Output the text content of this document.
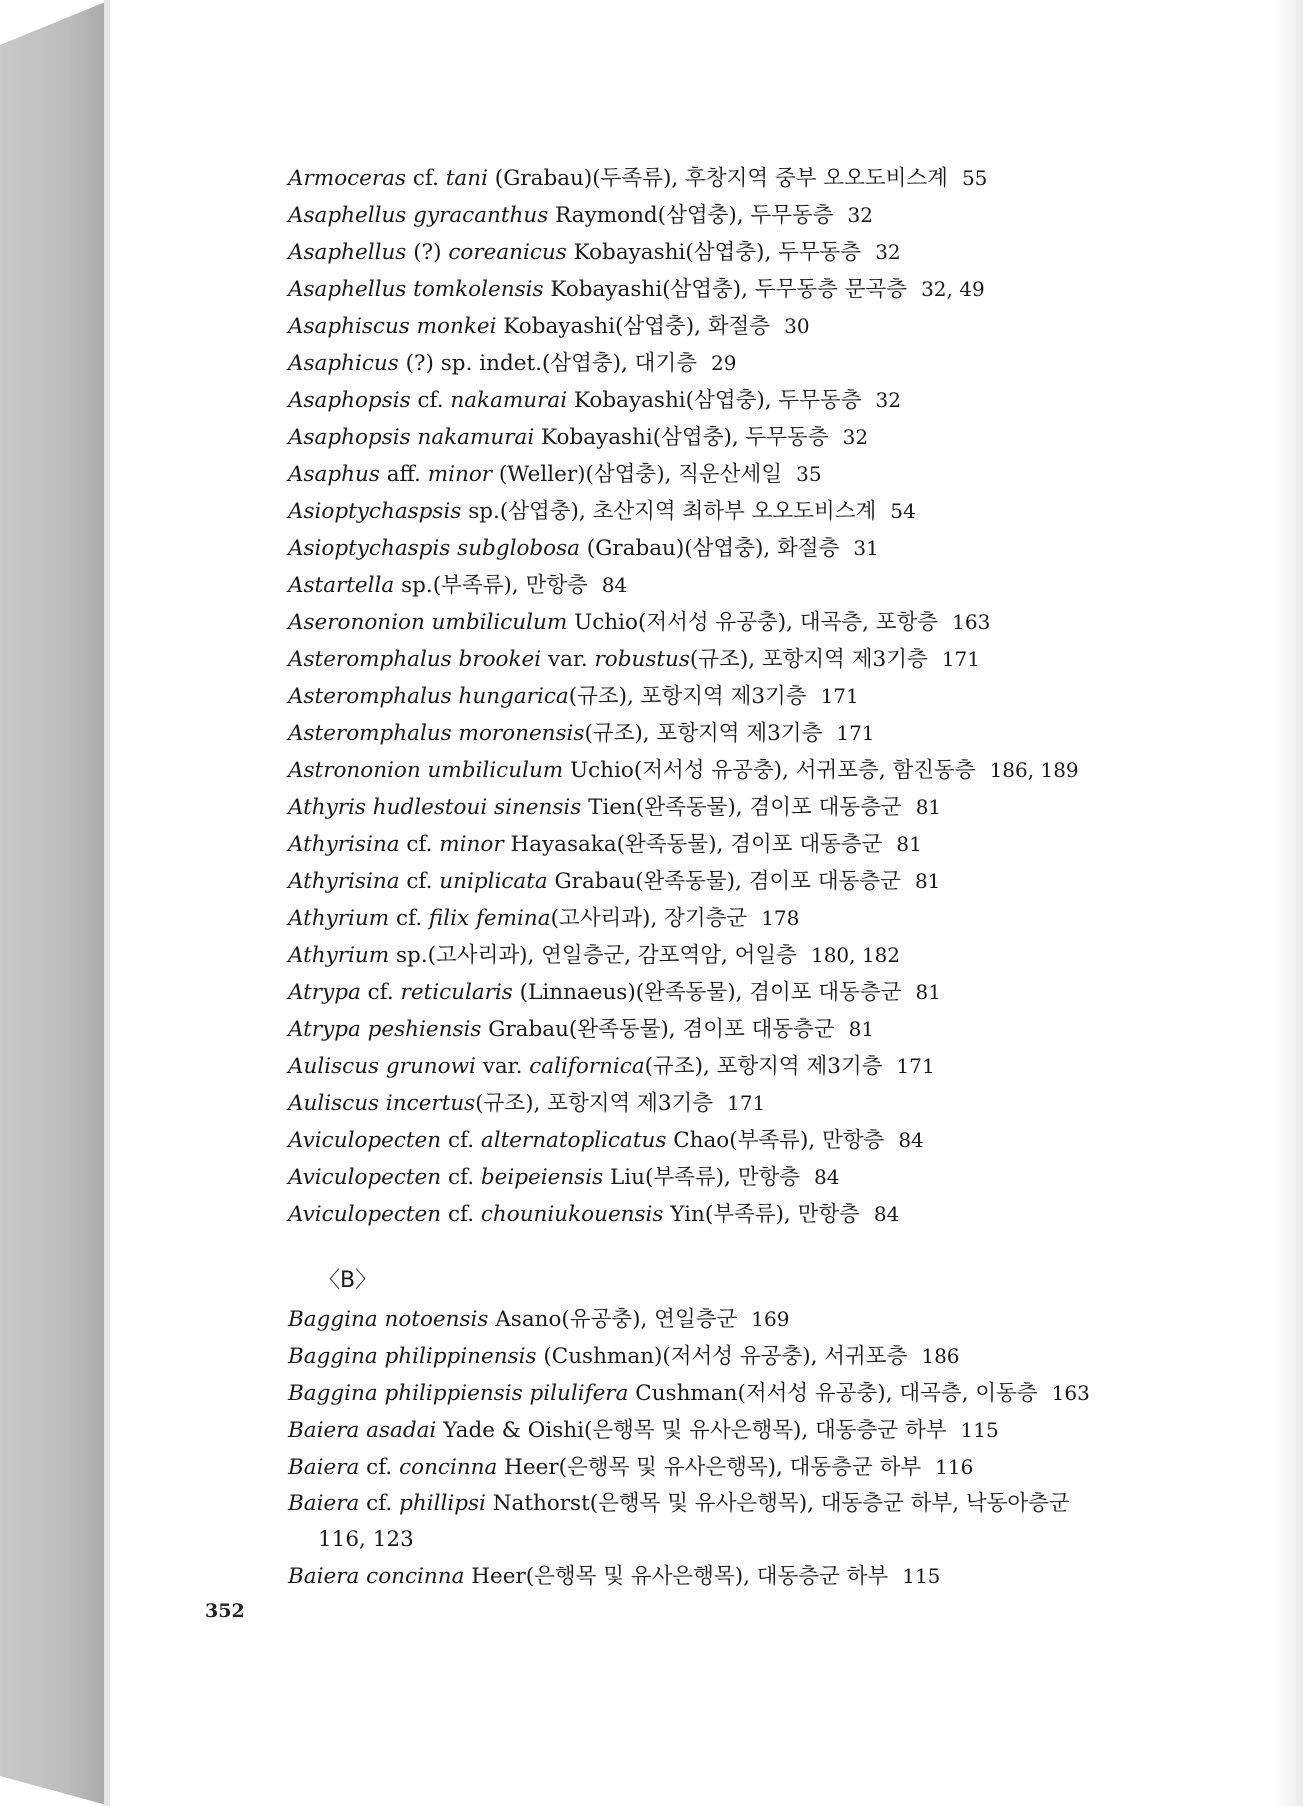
Armoceras cf. tani (Grabau)(두족류), 후창지역 중부 오오도비스계 55
Asaphellus gyracanthus Raymond(삼엽충), 두무동층 32
Asaphellus (?) coreanicus Kobayashi(삼엽충), 두무동층 32
Asaphellus tomkolensis Kobayashi(삼엽충), 두무동층 문곡층 32, 49
Asaphiscus monkei Kobayashi(삼엽충), 화절층 30
Asaphicus (?) sp. indet.(삼엽충), 대기층 29
Asaphopsis cf. nakamurai Kobayashi(삼엽충), 두무동층 32
Asaphopsis nakamurai Kobayashi(삼엽충), 두무동층 32
Asaphus aff. minor (Weller)(삼엽충), 직운산세일 35
Asioptychaspsis sp.(삼엽충), 초산지역 최하부 오오도비스계 54
Asioptychaspis subglobosa (Grabau)(삼엽충), 화절층 31
Astartella sp.(부족류), 만항층 84
Aserononion umbiliculum Uchio(저서성 유공충), 대곡층, 포항층 163
Asteromphalus brookei var. robustus(규조), 포항지역 제3기층 171
Asteromphalus hungarica(규조), 포항지역 제3기층 171
Asteromphalus moronensis(규조), 포항지역 제3기층 171
Astrononion umbiliculum Uchio(저서성 유공충), 서귀포층, 함진동층 186, 189
Athyris hudlestoui sinensis Tien(완족동물), 겸이포 대동층군 81
Athyrisina cf. minor Hayasaka(완족동물), 겸이포 대동층군 81
Athyrisina cf. uniplicata Grabau(완족동물), 겸이포 대동층군 81
Athyrium cf. filix femina(고사리과), 장기층군 178
Athyrium sp.(고사리과), 연일층군, 감포역암, 어일층 180, 182
Atrypa cf. reticularis (Linnaeus)(완족동물), 겸이포 대동층군 81
Atrypa peshiensis Grabau(완족동물), 겸이포 대동층군 81
Auliscus grunowi var. californica(규조), 포항지역 제3기층 171
Auliscus incertus(규조), 포항지역 제3기층 171
Aviculopecten cf. alternatoplicatus Chao(부족류), 만항층 84
Aviculopecten cf. beipeiensis Liu(부족류), 만항층 84
Aviculopecten cf. chouniukouensis Yin(부족류), 만항층 84
〈B〉
Baggina notoensis Asano(유공충), 연일층군 169
Baggina philippinensis (Cushman)(저서성 유공충), 서귀포층 186
Baggina philippiensis pilulifera Cushman(저서성 유공충), 대곡층, 이동층 163
Baiera asadai Yade & Oishi(은행목 및 유사은행목), 대동층군 하부 115
Baiera cf. concinna Heer(은행목 및 유사은행목), 대동층군 하부 116
Baiera cf. phillipsi Nathorst(은행목 및 유사은행목), 대동층군 하부, 낙동아층군
116, 123
Baiera concinna Heer(은행목 및 유사은행목), 대동층군 하부 115
352
